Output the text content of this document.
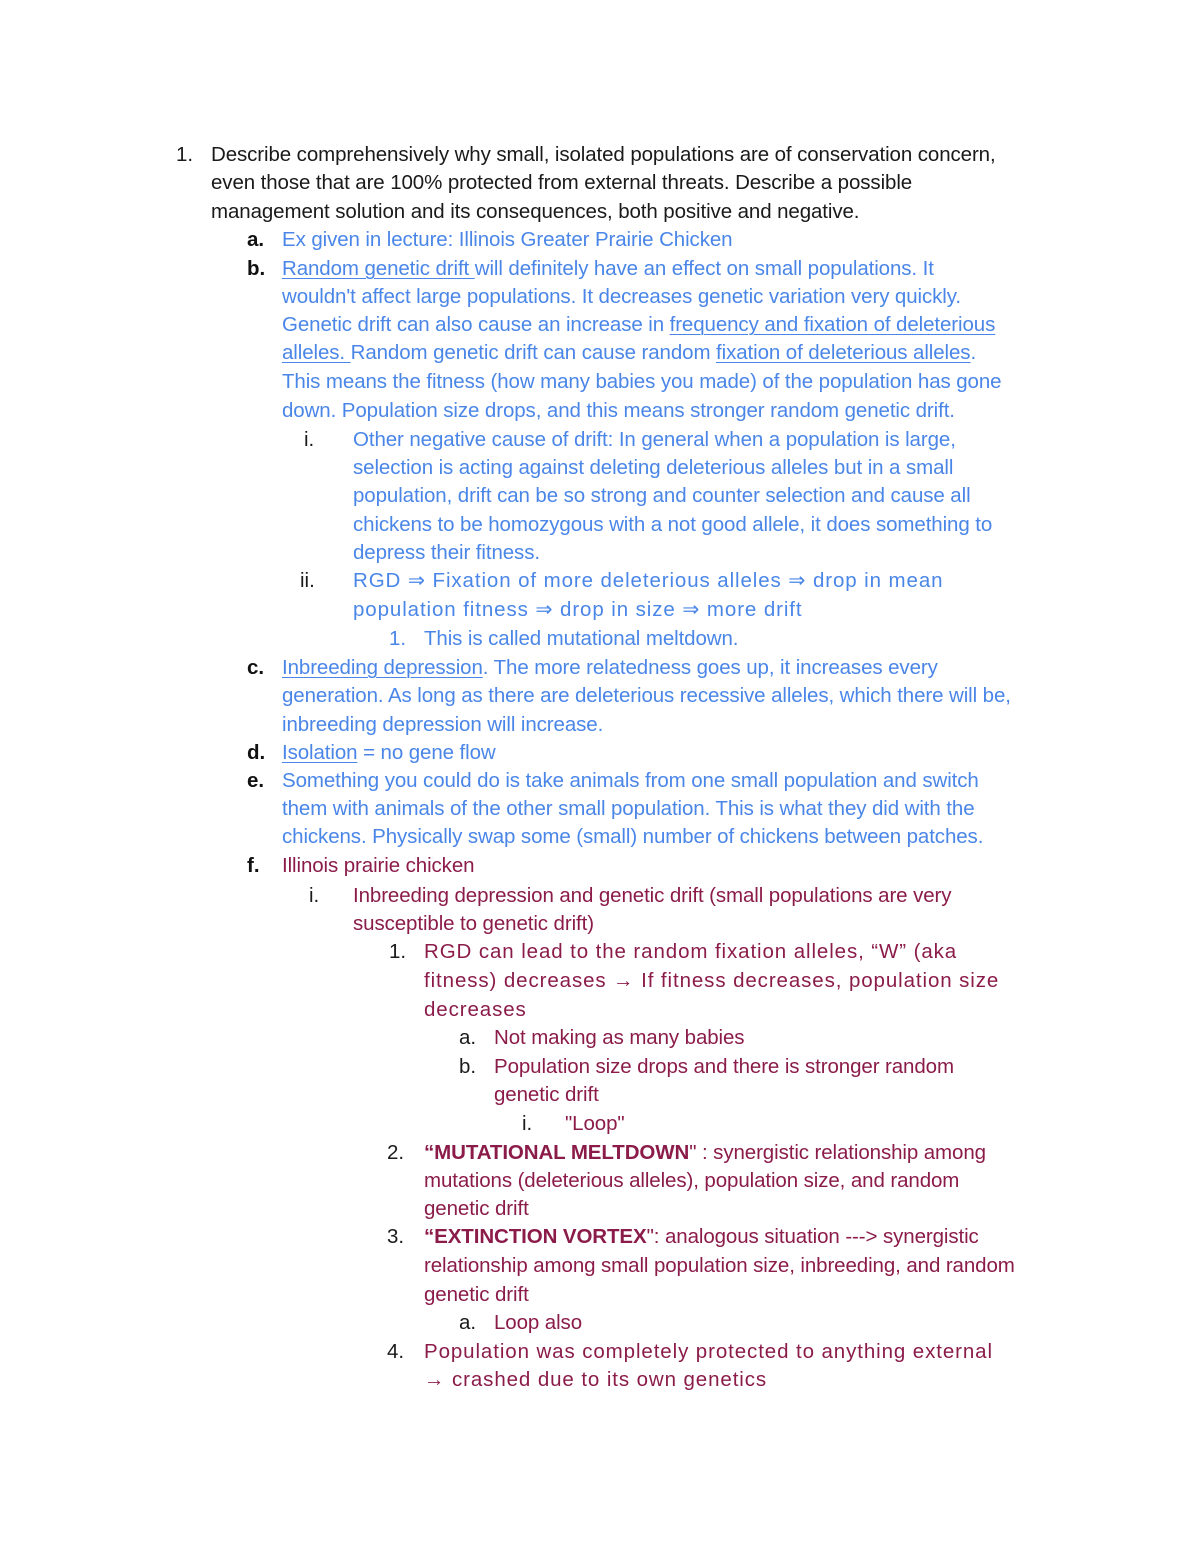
1. Describe comprehensively why small, isolated populations are of conservation concern,
even those that are 100% protected from external threats. Describe a possible
management solution and its consequences, both positive and negative.
a. Ex given in lecture: Illinois Greater Prairie Chicken
b. Random genetic drift will definitely have an effect on small populations. It
wouldn't affect large populations. It decreases genetic variation very quickly.
Genetic drift can also cause an increase in frequency and fixation of deleterious
alleles. Random genetic drift can cause random fixation of deleterious alleles.
This means the fitness (how many babies you made) of the population has gone
down. Population size drops, and this means stronger random genetic drift.
i. Other negative cause of drift: In general when a population is large,
selection is acting against deleting deleterious alleles but in a small
population, drift can be so strong and counter selection and cause all
chickens to be homozygous with a not good allele, it does something to
depress their fitness.
ii. RGD ⇒ Fixation of more deleterious alleles ⇒ drop in mean
population fitness ⇒ drop in size ⇒ more drift
1. This is called mutational meltdown.
c. Inbreeding depression. The more relatedness goes up, it increases every
generation. As long as there are deleterious recessive alleles, which there will be,
inbreeding depression will increase.
d. Isolation = no gene flow
e. Something you could do is take animals from one small population and switch
them with animals of the other small population. This is what they did with the
chickens. Physically swap some (small) number of chickens between patches.
f. Illinois prairie chicken
i. Inbreeding depression and genetic drift (small populations are very
susceptible to genetic drift)
1. RGD can lead to the random fixation alleles, “W” (aka
fitness) decreases → If fitness decreases, population size
decreases
a. Not making as many babies
b. Population size drops and there is stronger random
genetic drift
i. "Loop"
2. “MUTATIONAL MELTDOWN" : synergistic relationship among
mutations (deleterious alleles), population size, and random
genetic drift
3. “EXTINCTION VORTEX": analogous situation ---> synergistic
relationship among small population size, inbreeding, and random
genetic drift
a. Loop also
4. Population was completely protected to anything external
→ crashed due to its own genetics
